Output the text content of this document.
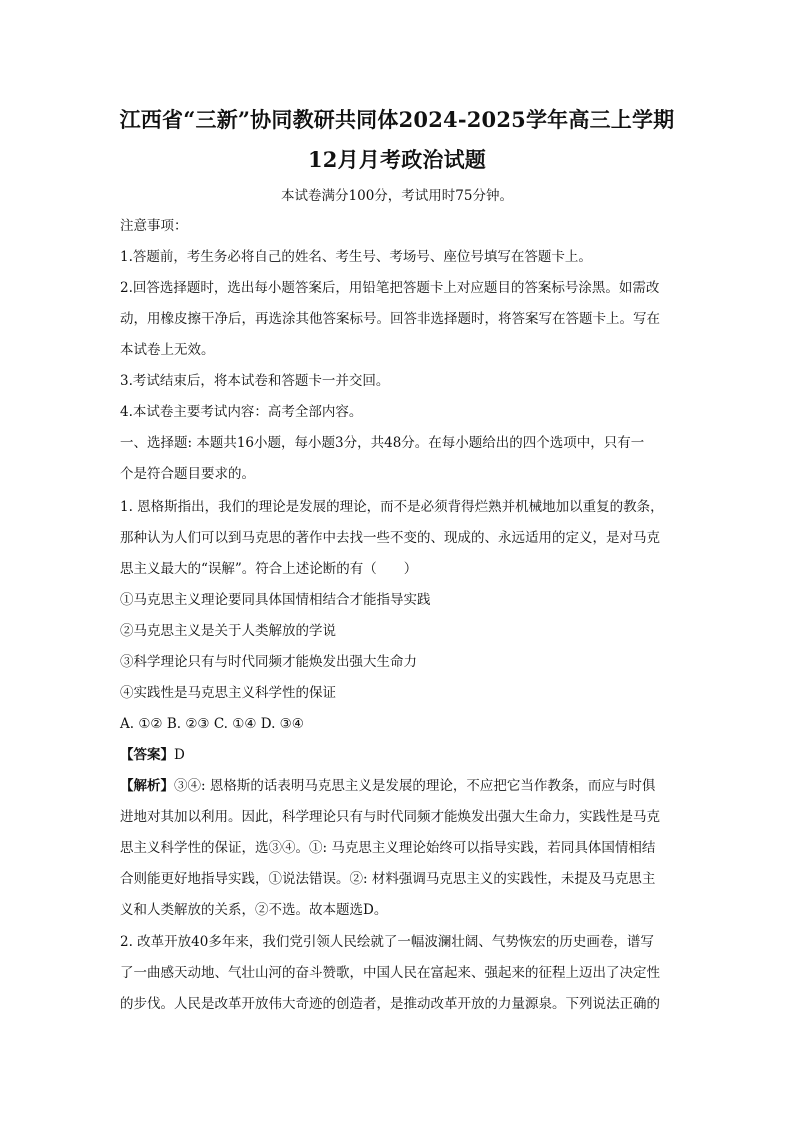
江西省“三新”协同教研共同体2024-2025学年高三上学期
12月月考政治试题
本试卷满分100分，考试用时75分钟。
注意事项：
1.答题前，考生务必将自己的姓名、考生号、考场号、座位号填写在答题卡上。
2.回答选择题时，选出每小题答案后，用铅笔把答题卡上对应题目的答案标号涂黑。如需改
动，用橡皮擦干净后，再选涂其他答案标号。回答非选择题时，将答案写在答题卡上。写在
本试卷上无效。
3.考试结束后，将本试卷和答题卡一并交回。
4.本试卷主要考试内容：高考全部内容。
一、选择题: 本题共16小题，每小题3分，共48分。在每小题给出的四个选项中，只有一
个是符合题目要求的。
1. 恩格斯指出，我们的理论是发展的理论，而不是必须背得烂熟并机械地加以重复的教条，
那种认为人们可以到马克思的著作中去找一些不变的、现成的、永远适用的定义，是对马克
思主义最大的“误解”。符合上述论断的有（　　）
①马克思主义理论要同具体国情相结合才能指导实践
②马克思主义是关于人类解放的学说
③科学理论只有与时代同频才能焕发出强大生命力
④实践性是马克思主义科学性的保证
A. ①② B. ②③ C. ①④ D. ③④
【答案】D
【解析】③④: 恩格斯的话表明马克思主义是发展的理论，不应把它当作教条，而应与时俱
进地对其加以利用。因此，科学理论只有与时代同频才能焕发出强大生命力，实践性是马克
思主义科学性的保证，选③④。①: 马克思主义理论始终可以指导实践，若同具体国情相结
合则能更好地指导实践，①说法错误。②: 材料强调马克思主义的实践性，未提及马克思主
义和人类解放的关系，②不选。故本题选D。
2. 改革开放40多年来，我们党引领人民绘就了一幅波澜壮阔、气势恢宏的历史画卷，谱写
了一曲感天动地、气壮山河的奋斗赞歌，中国人民在富起来、强起来的征程上迈出了决定性
的步伐。人民是改革开放伟大奇迹的创造者，是推动改革开放的力量源泉。下列说法正确的
